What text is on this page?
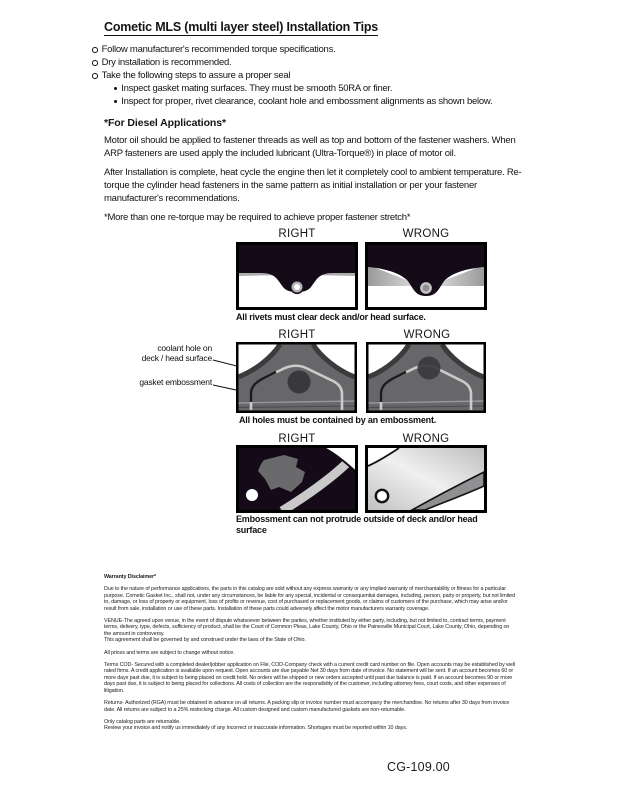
Cometic MLS (multi layer steel) Installation Tips
Follow manufacturer's recommended torque specifications.
Dry installation is recommended.
Take the following steps to assure a proper seal
Inspect gasket mating surfaces. They must be smooth 50RA or finer.
Inspect for proper, rivet clearance, coolant hole and embossment alignments as shown below.
*For Diesel Applications*
Motor oil should be applied to fastener threads as well as top and bottom of the fastener washers. When ARP fasteners are used apply the included lubricant (Ultra-Torque®) in place of motor oil.
After Installation is complete, heat cycle the engine then let it completely cool to ambient temperature. Re-torque the cylinder head fasteners in the same pattern as initial installation or per your fastener manufacturer's recommendations.
*More than one re-torque may be required to achieve proper fastener stretch*
RIGHT	WRONG
All rivets must clear deck and/or head surface.
RIGHT	WRONG
coolant hole on
deck / head surface
gasket embossment
All holes must be contained by an embossment.
RIGHT	WRONG
Embossment can not protrude outside of deck and/or head surface

Warranty Disclaimer*

Due to the nature of performance applications, the parts in this catalog are sold without any express warranty or any implied warranty of merchantability or fitness for a particular purpose. Cometic Gasket Inc., shall not, under any circumstances, be liable for any special, incidental or consequential damages, including, person, party or property, but not limited to, damage, or loss of property or equipment, loss of profits or revenue, cost of purchased or replacement goods, or claims of customers of the purchase, which may arise and/or result from sale, installation or use of these parts. Installation of these parts could adversely affect the motor manufacturers warranty coverage.

VENUE-The agreed upon venue, in the event of dispute whatsoever between the parties, whether instituted by either party, including, but not limited to, contract terms, payment terms, delivery, type, defects, sufficiency of product, shall be the Court of Common Pleas, Lake County, Ohio or the Painesville Municipal Court, Lake County, Ohio, depending on the amount in controversy.

This agreement shall be governed by and construed under the laws of the State of Ohio.

All prices and terms are subject to change without notice.

Terms COD- Secured with a completed dealer/jobber application on File, COD-Company check with a current credit card number on file. Open accounts may be established by well rated firms. A credit application is available upon request. Open accounts are due payable Net 30 days from date of invoice. No statement will be sent. If an account becomes 60 or more days past due, it is subject to being placed on credit hold. No orders will be shipped or new orders accepted until past due balance is paid. If an account becomes 90 or more days past due, it is subject to being placed for collections. All costs of collection are the responsibility of the customer, including attorney fees, court costs, and other expenses of litigation.

Returns- Authorized (RGA) must be obtained in advance on all returns. A packing slip or invoice number must accompany the merchandise. No returns after 30 days from invoice date. All returns are subject to a 25% restocking charge. All custom designed and custom manufactured gaskets are non-returnable.

Only catalog parts are returnable.

Review your invoice and notify us immediately of any incorrect or inaccurate information. Shortages must be reported within 10 days.

CG-109.00
